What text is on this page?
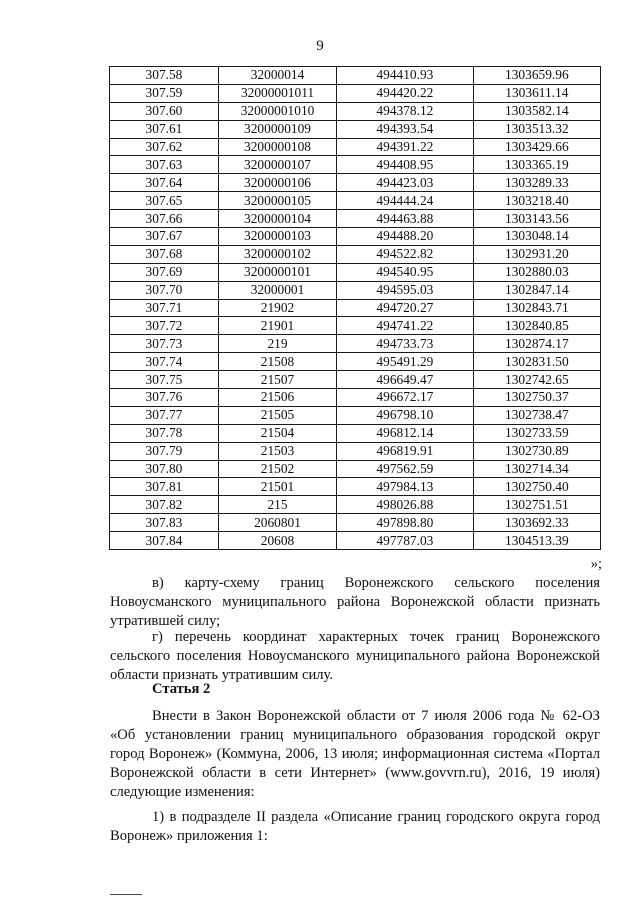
9
307.58	32000014	494410.93	1303659.96
307.59	32000001011	494420.22	1303611.14
307.60	32000001010	494378.12	1303582.14
307.61	3200000109	494393.54	1303513.32
307.62	3200000108	494391.22	1303429.66
307.63	3200000107	494408.95	1303365.19
307.64	3200000106	494423.03	1303289.33
307.65	3200000105	494444.24	1303218.40
307.66	3200000104	494463.88	1303143.56
307.67	3200000103	494488.20	1303048.14
307.68	3200000102	494522.82	1302931.20
307.69	3200000101	494540.95	1302880.03
307.70	32000001	494595.03	1302847.14
307.71	21902	494720.27	1302843.71
307.72	21901	494741.22	1302840.85
307.73	219	494733.73	1302874.17
307.74	21508	495491.29	1302831.50
307.75	21507	496649.47	1302742.65
307.76	21506	496672.17	1302750.37
307.77	21505	496798.10	1302738.47
307.78	21504	496812.14	1302733.59
307.79	21503	496819.91	1302730.89
307.80	21502	497562.59	1302714.34
307.81	21501	497984.13	1302750.40
307.82	215	498026.88	1302751.51
307.83	2060801	497898.80	1303692.33
307.84	20608	497787.03	1304513.39
»;
в) карту-схему границ Воронежского сельского поселения Новоусманского муниципального района Воронежской области признать утратившей силу;
г) перечень координат характерных точек границ Воронежского сельского поселения Новоусманского муниципального района Воронежской области признать утратившим силу.
Статья 2
Внести в Закон Воронежской области от 7 июля 2006 года № 62-ОЗ «Об установлении границ муниципального образования городской округ город Воронеж» (Коммуна, 2006, 13 июля; информационная система «Портал Воронежской области в сети Интернет» (www.govvrn.ru), 2016, 19 июля) следующие изменения:
1) в подразделе II раздела «Описание границ городского округа город Воронеж» приложения 1:
